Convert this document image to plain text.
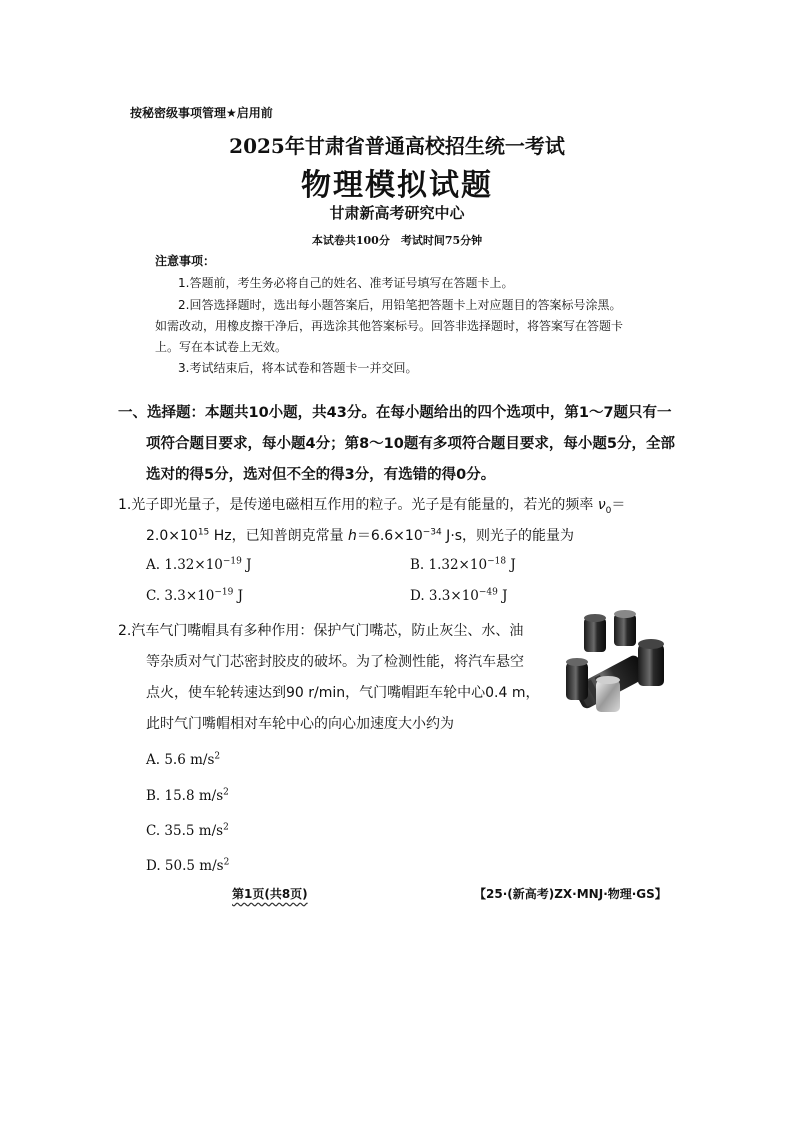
按秘密级事项管理★启用前
2025年甘肃省普通高校招生统一考试
物理模拟试题
甘肃新高考研究中心
本试卷共100分　考试时间75分钟
注意事项：
1.答题前，考生务必将自己的姓名、准考证号填写在答题卡上。
2.回答选择题时，选出每小题答案后，用铅笔把答题卡上对应题目的答案标号涂黑。
如需改动，用橡皮擦干净后，再选涂其他答案标号。回答非选择题时，将答案写在答题卡
上。写在本试卷上无效。
3.考试结束后，将本试卷和答题卡一并交回。
一、选择题：本题共10小题，共43分。在每小题给出的四个选项中，第1～7题只有一
项符合题目要求，每小题4分；第8～10题有多项符合题目要求，每小题5分，全部
选对的得5分，选对但不全的得3分，有选错的得0分。
1.光子即光量子，是传递电磁相互作用的粒子。光子是有能量的，若光的频率 $\nu_0=$
$2.0\times 10^{15}$ Hz，已知普朗克常量 $h=6.6\times 10^{-34}$ J·s，则光子的能量为
A. $1.32\times 10^{-19}$ J	B. $1.32\times 10^{-18}$ J
C. $3.3\times 10^{-19}$ J	D. $3.3\times 10^{-49}$ J
2.汽车气门嘴帽具有多种作用：保护气门嘴芯，防止灰尘、水、油
等杂质对气门芯密封胶皮的破坏。为了检测性能，将汽车悬空
点火，使车轮转速达到90 r/min，气门嘴帽距车轮中心0.4 m，
此时气门嘴帽相对车轮中心的向心加速度大小约为
A. 5.6 $m/s^2$
B. 15.8 $m/s^2$
C. 35.5 $m/s^2$
D. 50.5 $m/s^2$
第1页(共8页)	【25·(新高考)ZX·MNJ·物理·GS】
